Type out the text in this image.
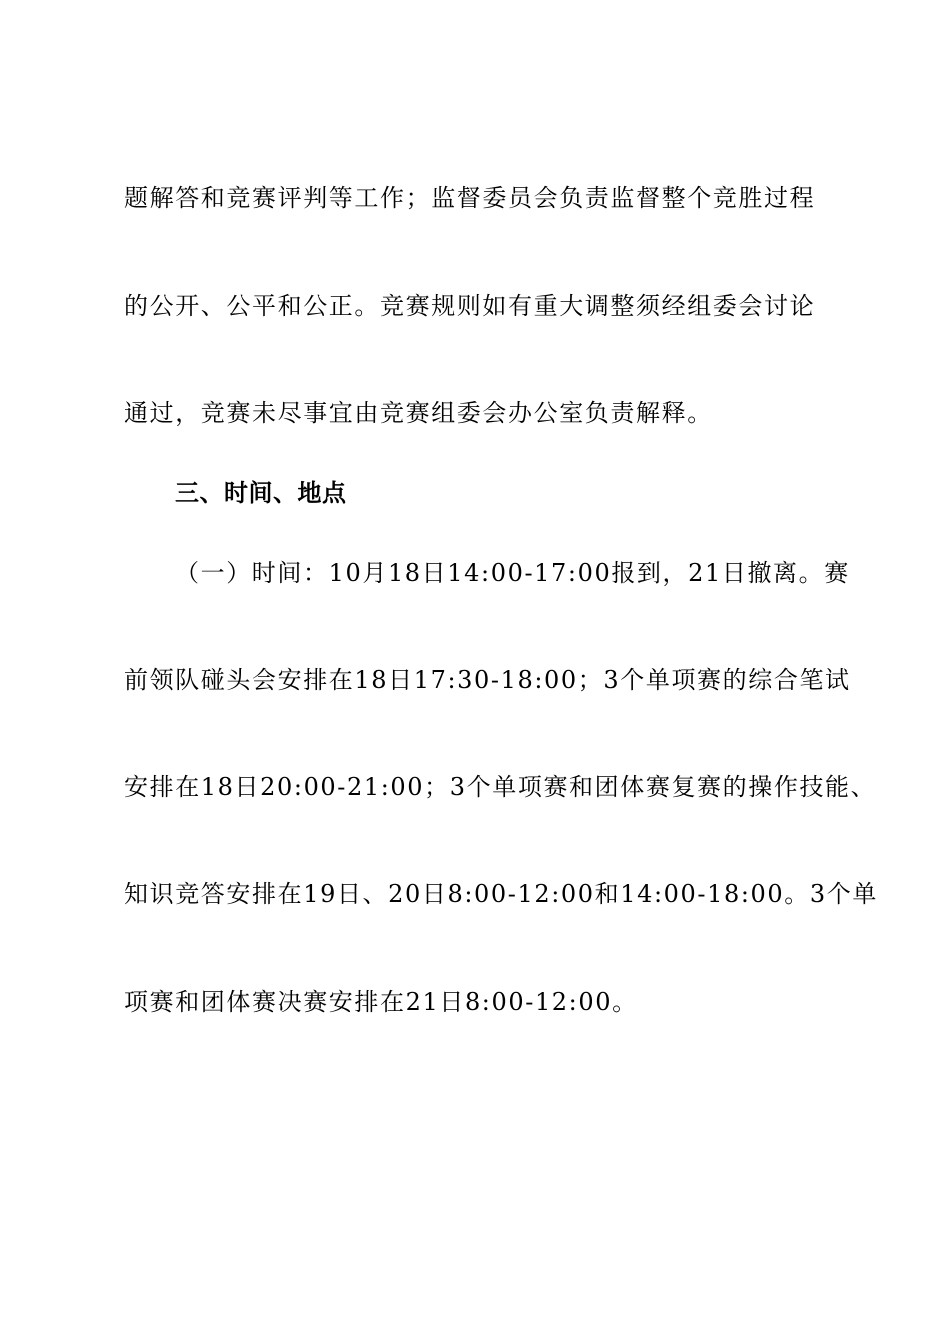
题解答和竞赛评判等工作；监督委员会负责监督整个竞胜过程
的公开、公平和公正。竞赛规则如有重大调整须经组委会讨论
通过，竞赛未尽事宜由竞赛组委会办公室负责解释。
三、时间、地点
（一）时间：10月18日14:00-17:00报到，21日撤离。赛
前领队碰头会安排在18日17:30-18:00；3个单项赛的综合笔试
安排在18日20:00-21:00；3个单项赛和团体赛复赛的操作技能、
知识竞答安排在19日、20日8:00-12:00和14:00-18:00。3个单
项赛和团体赛决赛安排在21日8:00-12:00。
